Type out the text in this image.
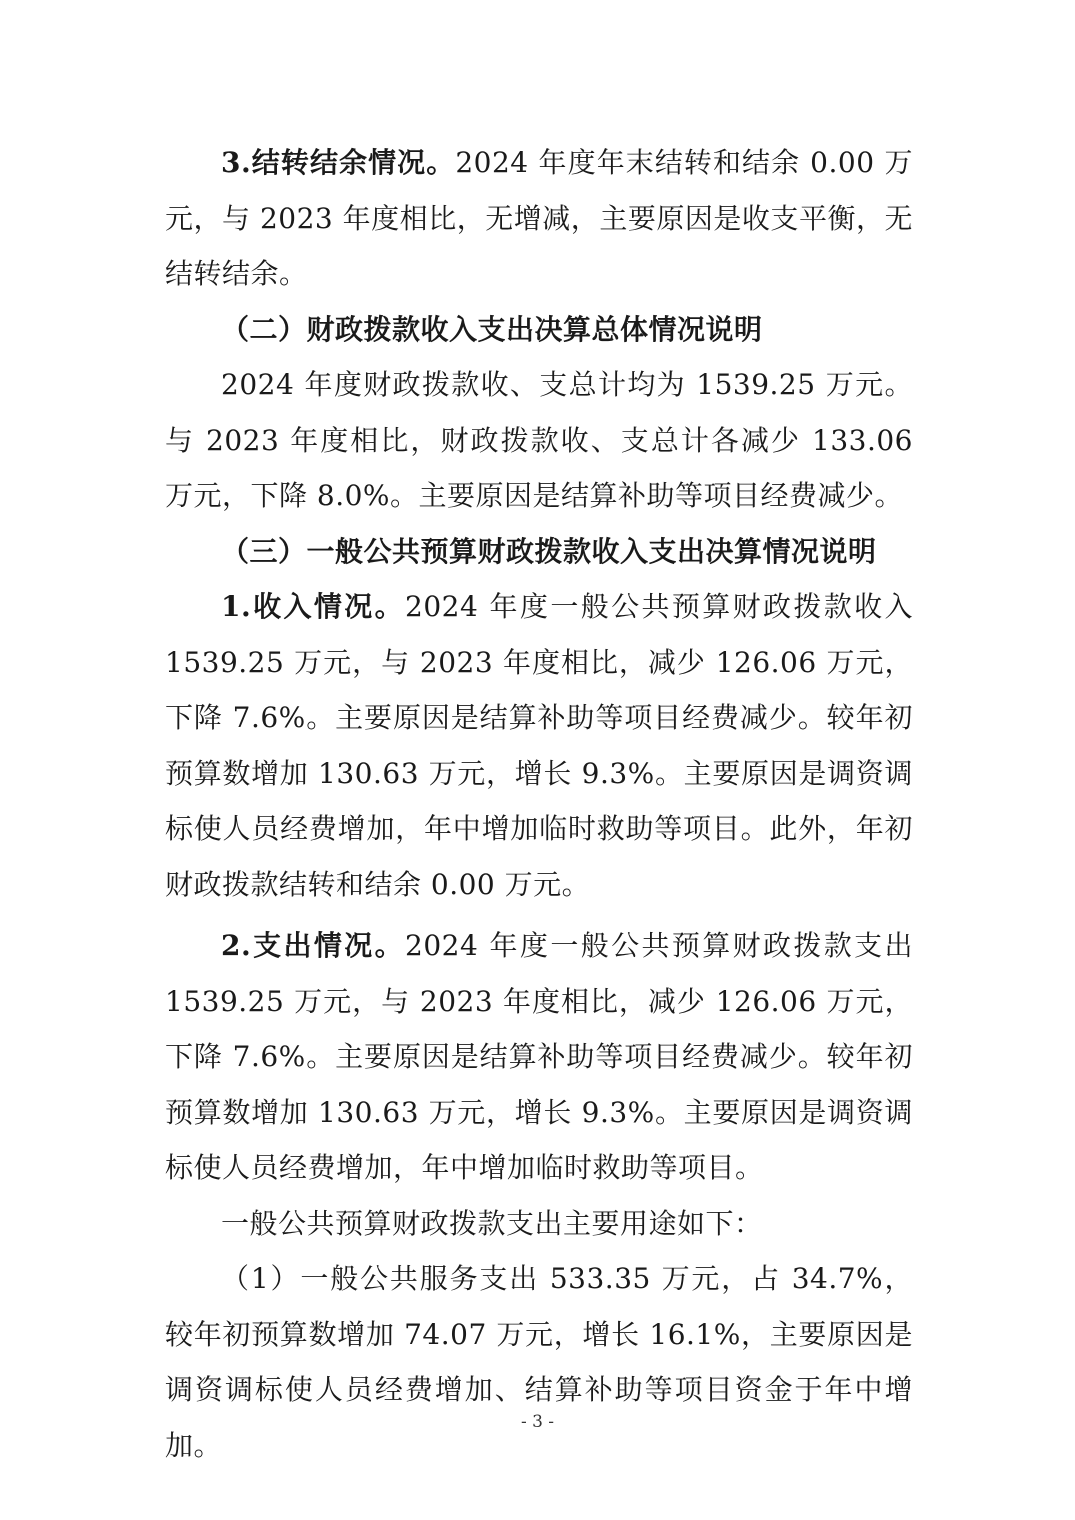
3.结转结余情况。2024 年度年末结转和结余 0.00 万元，与 2023 年度相比，无增减，主要原因是收支平衡，无结转结余。

（二）财政拨款收入支出决算总体情况说明

2024 年度财政拨款收、支总计均为 1539.25 万元。与 2023 年度相比，财政拨款收、支总计各减少 133.06 万元，下降 8.0%。主要原因是结算补助等项目经费减少。

（三）一般公共预算财政拨款收入支出决算情况说明

1.收入情况。2024 年度一般公共预算财政拨款收入 1539.25 万元，与 2023 年度相比，减少 126.06 万元，下降 7.6%。主要原因是结算补助等项目经费减少。较年初预算数增加 130.63 万元，增长 9.3%。主要原因是调资调标使人员经费增加，年中增加临时救助等项目。此外，年初财政拨款结转和结余 0.00 万元。

2.支出情况。2024 年度一般公共预算财政拨款支出 1539.25 万元，与 2023 年度相比，减少 126.06 万元，下降 7.6%。主要原因是结算补助等项目经费减少。较年初预算数增加 130.63 万元，增长 9.3%。主要原因是调资调标使人员经费增加，年中增加临时救助等项目。

一般公共预算财政拨款支出主要用途如下：

（1）一般公共服务支出 533.35 万元，占 34.7%，较年初预算数增加 74.07 万元，增长 16.1%，主要原因是调资调标使人员经费增加、结算补助等项目资金于年中增加。

- 3 -
